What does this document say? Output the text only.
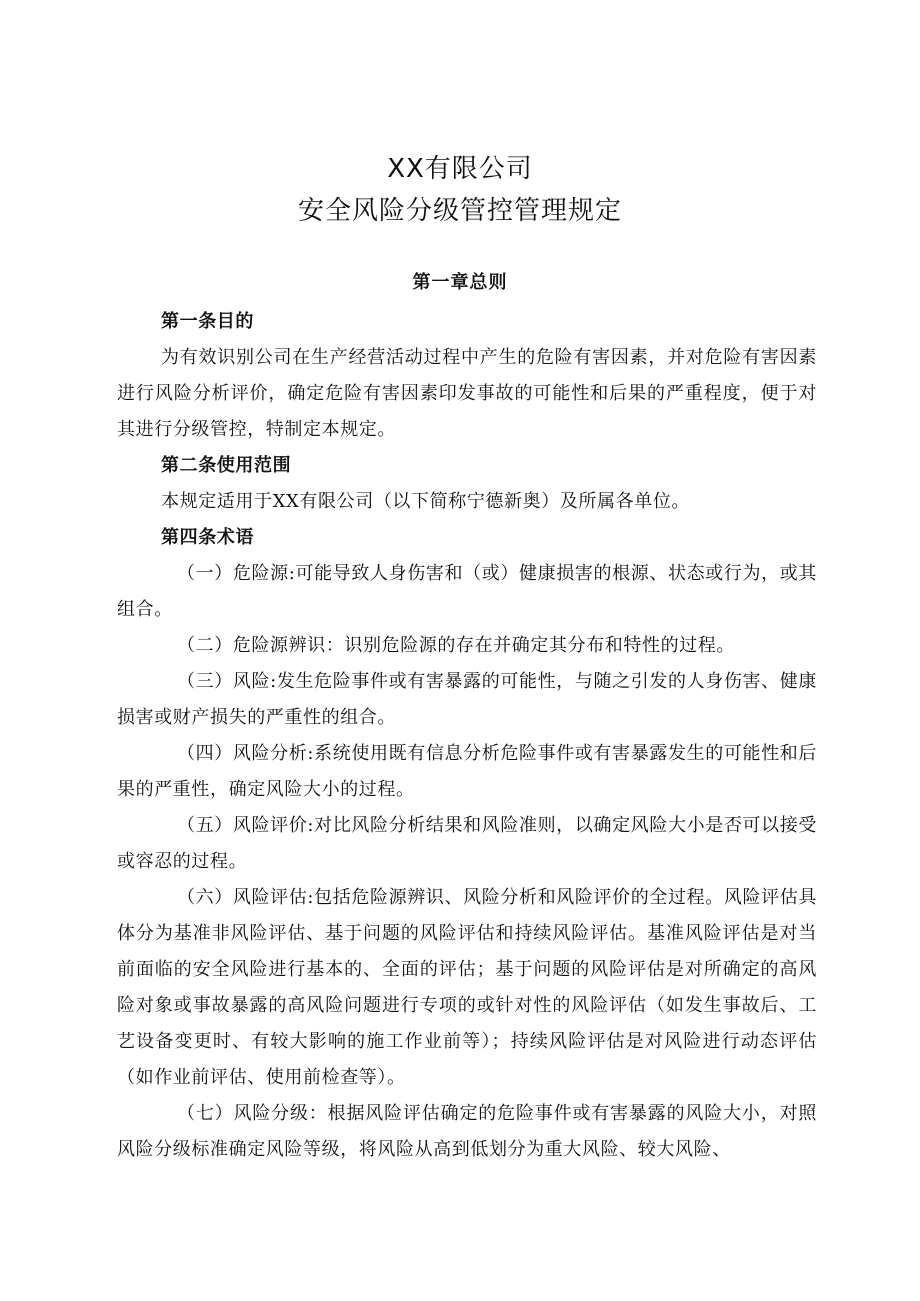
XX有限公司
安全风险分级管控管理规定
第一章总则

第一条目的

为有效识别公司在生产经营活动过程中产生的危险有害因素，并对危险有害因素进行风险分析评价，确定危险有害因素印发事故的可能性和后果的严重程度，便于对其进行分级管控，特制定本规定。

第二条使用范围

本规定适用于XX有限公司（以下简称宁德新奥）及所属各单位。

第四条术语

（一）危险源:可能导致人身伤害和（或）健康损害的根源、状态或行为，或其组合。

（二）危险源辨识：识别危险源的存在并确定其分布和特性的过程。

（三）风险:发生危险事件或有害暴露的可能性，与随之引发的人身伤害、健康损害或财产损失的严重性的组合。

（四）风险分析:系统使用既有信息分析危险事件或有害暴露发生的可能性和后果的严重性，确定风险大小的过程。

（五）风险评价:对比风险分析结果和风险准则，以确定风险大小是否可以接受或容忍的过程。

（六）风险评估:包括危险源辨识、风险分析和风险评价的全过程。风险评估具体分为基准非风险评估、基于问题的风险评估和持续风险评估。基准风险评估是对当前面临的安全风险进行基本的、全面的评估；基于问题的风险评估是对所确定的高风险对象或事故暴露的高风险问题进行专项的或针对性的风险评估（如发生事故后、工艺设备变更时、有较大影响的施工作业前等）；持续风险评估是对风险进行动态评估（如作业前评估、使用前检查等）。

（七）风险分级：根据风险评估确定的危险事件或有害暴露的风险大小，对照风险分级标准确定风险等级，将风险从高到低划分为重大风险、较大风险、
